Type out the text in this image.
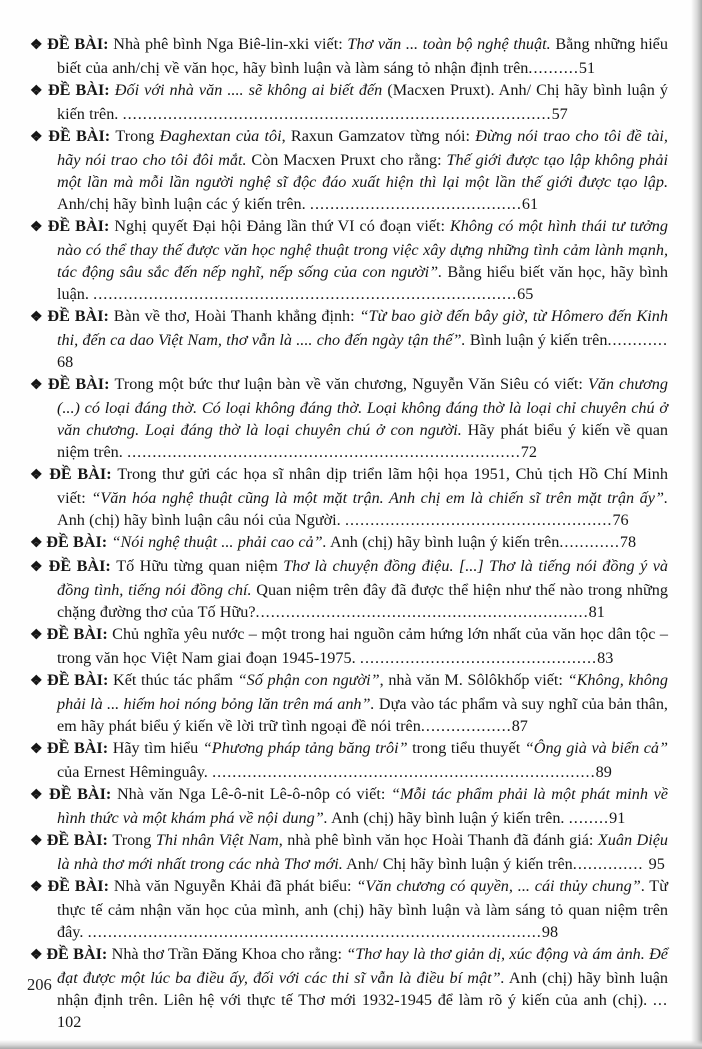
❖ ĐỀ BÀI: Nhà phê bình Nga Biê-lin-xki viết: Thơ văn ... toàn bộ nghệ thuật. Bằng những hiểu biết của anh/chị về văn học, hãy bình luận và làm sáng tỏ nhận định trên..........51

❖ ĐỀ BÀI: Đối với nhà văn .... sẽ không ai biết đến (Macxen Pruxt). Anh/ Chị hãy bình luận ý kiến trên. .....................................................................................57

❖ ĐỀ BÀI: Trong Đaghextan của tôi, Raxun Gamzatov từng nói: Đừng nói trao cho tôi đề tài, hãy nói trao cho tôi đôi mắt. Còn Macxen Pruxt cho rằng: Thế giới được tạo lập không phải một lần mà mỗi lần người nghệ sĩ độc đáo xuất hiện thì lại một lần thế giới được tạo lập. Anh/chị hãy bình luận các ý kiến trên. ..........................................61

❖ ĐỀ BÀI: Nghị quyết Đại hội Đảng lần thứ VI có đoạn viết: Không có một hình thái tư tưởng nào có thể thay thế được văn học nghệ thuật trong việc xây dựng những tình cảm lành mạnh, tác động sâu sắc đến nếp nghĩ, nếp sống của con người”. Bằng hiểu biết văn học, hãy bình luận. ....................................................................................65

❖ ĐỀ BÀI: Bàn về thơ, Hoài Thanh khẳng định: “Từ bao giờ đến bây giờ, từ Hômero đến Kinh thi, đến ca dao Việt Nam, thơ vẫn là .... cho đến ngày tận thế”. Bình luận ý kiến trên............ 68

❖ ĐỀ BÀI: Trong một bức thư luận bàn về văn chương, Nguyễn Văn Siêu có viết: Văn chương (...) có loại đáng thờ. Có loại không đáng thờ. Loại không đáng thờ là loại chỉ chuyên chú ở văn chương. Loại đáng thờ là loại chuyên chú ở con người. Hãy phát biểu ý kiến về quan niệm trên. ..............................................................................72

❖ ĐỀ BÀI: Trong thư gửi các họa sĩ nhân dịp triển lãm hội họa 1951, Chủ tịch Hồ Chí Minh viết: “Văn hóa nghệ thuật cũng là một mặt trận. Anh chị em là chiến sĩ trên mặt trận ấy”. Anh (chị) hãy bình luận câu nói của Người. .....................................................76

❖ ĐỀ BÀI: “Nói nghệ thuật ... phải cao cả”. Anh (chị) hãy bình luận ý kiến trên............78

❖ ĐỀ BÀI: Tố Hữu từng quan niệm Thơ là chuyện đồng điệu. [...] Thơ là tiếng nói đồng ý và đồng tình, tiếng nói đồng chí. Quan niệm trên đây đã được thể hiện như thế nào trong những chặng đường thơ của Tố Hữu?..................................................................81

❖ ĐỀ BÀI: Chủ nghĩa yêu nước – một trong hai nguồn cảm hứng lớn nhất của văn học dân tộc – trong văn học Việt Nam giai đoạn 1945-1975. ...............................................83

❖ ĐỀ BÀI: Kết thúc tác phẩm “Số phận con người”, nhà văn M. Sôlôkhốp viết: “Không, không phải là ... hiếm hoi nóng bỏng lăn trên má anh”. Dựa vào tác phẩm và suy nghĩ của bản thân, em hãy phát biểu ý kiến về lời trữ tình ngoại đề nói trên..................87

❖ ĐỀ BÀI: Hãy tìm hiểu “Phương pháp tảng băng trôi” trong tiểu thuyết “Ông già và biển cả” của Ernest Hêminguây. ............................................................................89

❖ ĐỀ BÀI: Nhà văn Nga Lê-ô-nit Lê-ô-nôp có viết: “Mỗi tác phẩm phải là một phát minh về hình thức và một khám phá về nội dung”. Anh (chị) hãy bình luận ý kiến trên. ........91

❖ ĐỀ BÀI: Trong Thi nhân Việt Nam, nhà phê bình văn học Hoài Thanh đã đánh giá: Xuân Diệu là nhà thơ mới nhất trong các nhà Thơ mới. Anh/ Chị hãy bình luận ý kiến trên.............. 95

❖ ĐỀ BÀI: Nhà văn Nguyễn Khải đã phát biểu: “Văn chương có quyền, ... cái thủy chung”. Từ thực tế cảm nhận văn học của mình, anh (chị) hãy bình luận và làm sáng tỏ quan niệm trên đây. ..........................................................................................98

❖ ĐỀ BÀI: Nhà thơ Trần Đăng Khoa cho rằng: “Thơ hay là thơ giản dị, xúc động và ám ảnh. Để đạt được một lúc ba điều ấy, đối với các thi sĩ vẫn là điều bí mật”. Anh (chị) hãy bình luận nhận định trên. Liên hệ với thực tế Thơ mới 1932-1945 để làm rõ ý kiến của anh (chị). ... 102

206
